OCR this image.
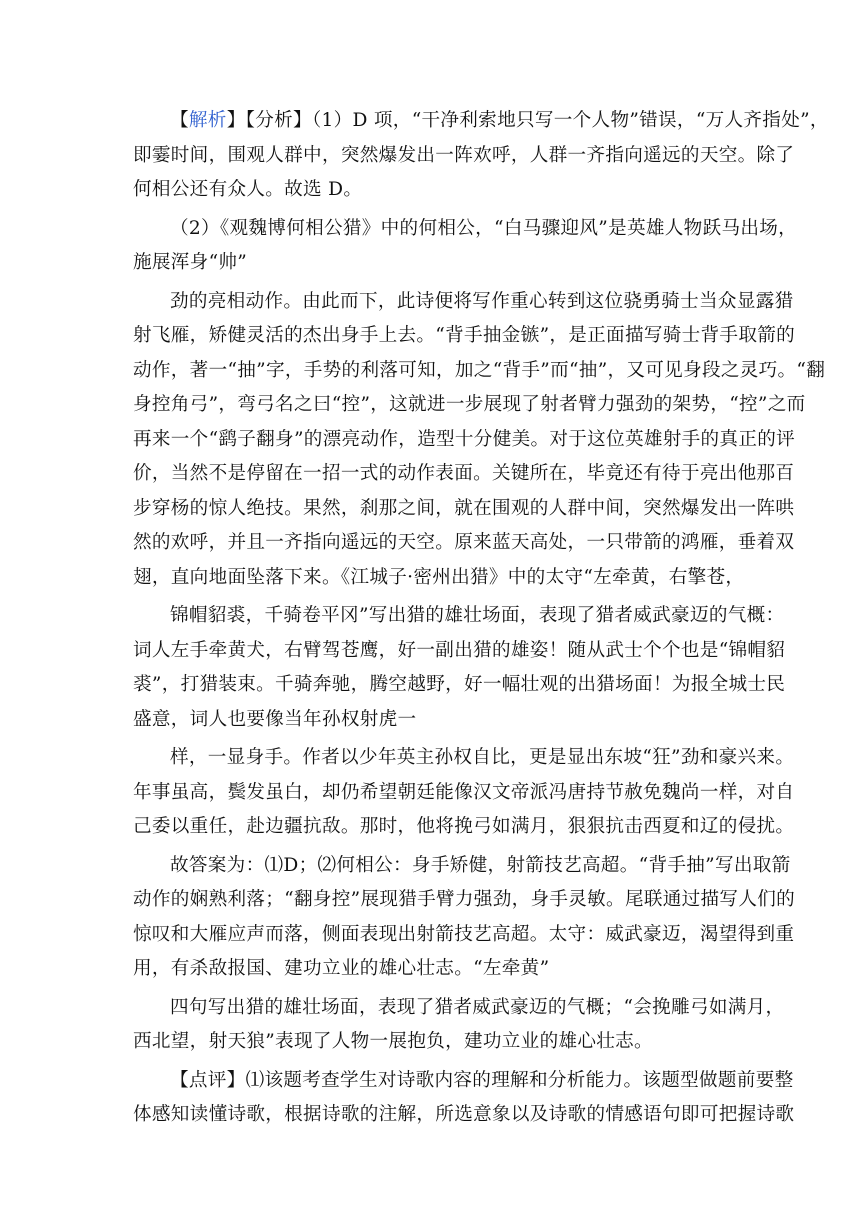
【解析】【分析】（1）D 项，“干净利索地只写一个人物”错误，“万人齐指处”，
即霎时间，围观人群中，突然爆发出一阵欢呼，人群一齐指向遥远的天空。除了
何相公还有众人。故选 D。

（2）《观魏博何相公猎》中的何相公，“白马骤迎风”是英雄人物跃马出场，
施展浑身“帅”

劲的亮相动作。由此而下，此诗便将写作重心转到这位骁勇骑士当众显露猎
射飞雁，矫健灵活的杰出身手上去。“背手抽金镞”，是正面描写骑士背手取箭的
动作，著一“抽”字，手势的利落可知，加之“背手”而“抽”，又可见身段之灵巧。“翻
身控角弓”，弯弓名之曰“控”，这就进一步展现了射者臂力强劲的架势，“控”之而
再来一个“鹞子翻身”的漂亮动作，造型十分健美。对于这位英雄射手的真正的评
价，当然不是停留在一招一式的动作表面。关键所在，毕竟还有待于亮出他那百
步穿杨的惊人绝技。果然，刹那之间，就在围观的人群中间，突然爆发出一阵哄
然的欢呼，并且一齐指向遥远的天空。原来蓝天高处，一只带箭的鸿雁，垂着双
翅，直向地面坠落下来。《江城子·密州出猎》中的太守“左牵黄，右擎苍，

锦帽貂裘，千骑卷平冈”写出猎的雄壮场面，表现了猎者威武豪迈的气概：
词人左手牵黄犬，右臂驾苍鹰，好一副出猎的雄姿！随从武士个个也是“锦帽貂
裘”，打猎装束。千骑奔驰，腾空越野，好一幅壮观的出猎场面！为报全城士民
盛意，词人也要像当年孙权射虎一

样，一显身手。作者以少年英主孙权自比，更是显出东坡“狂”劲和豪兴来。
年事虽高，鬓发虽白，却仍希望朝廷能像汉文帝派冯唐持节赦免魏尚一样，对自
己委以重任，赴边疆抗敌。那时，他将挽弓如满月，狠狠抗击西夏和辽的侵扰。

故答案为：⑴D；⑵何相公：身手矫健，射箭技艺高超。“背手抽”写出取箭
动作的娴熟利落；“翻身控”展现猎手臂力强劲，身手灵敏。尾联通过描写人们的
惊叹和大雁应声而落，侧面表现出射箭技艺高超。太守：威武豪迈，渴望得到重
用，有杀敌报国、建功立业的雄心壮志。“左牵黄”

四句写出猎的雄壮场面，表现了猎者威武豪迈的气概；“会挽雕弓如满月，
西北望，射天狼”表现了人物一展抱负，建功立业的雄心壮志。

【点评】⑴该题考查学生对诗歌内容的理解和分析能力。该题型做题前要整
体感知读懂诗歌，根据诗歌的注解，所选意象以及诗歌的情感语句即可把握诗歌
